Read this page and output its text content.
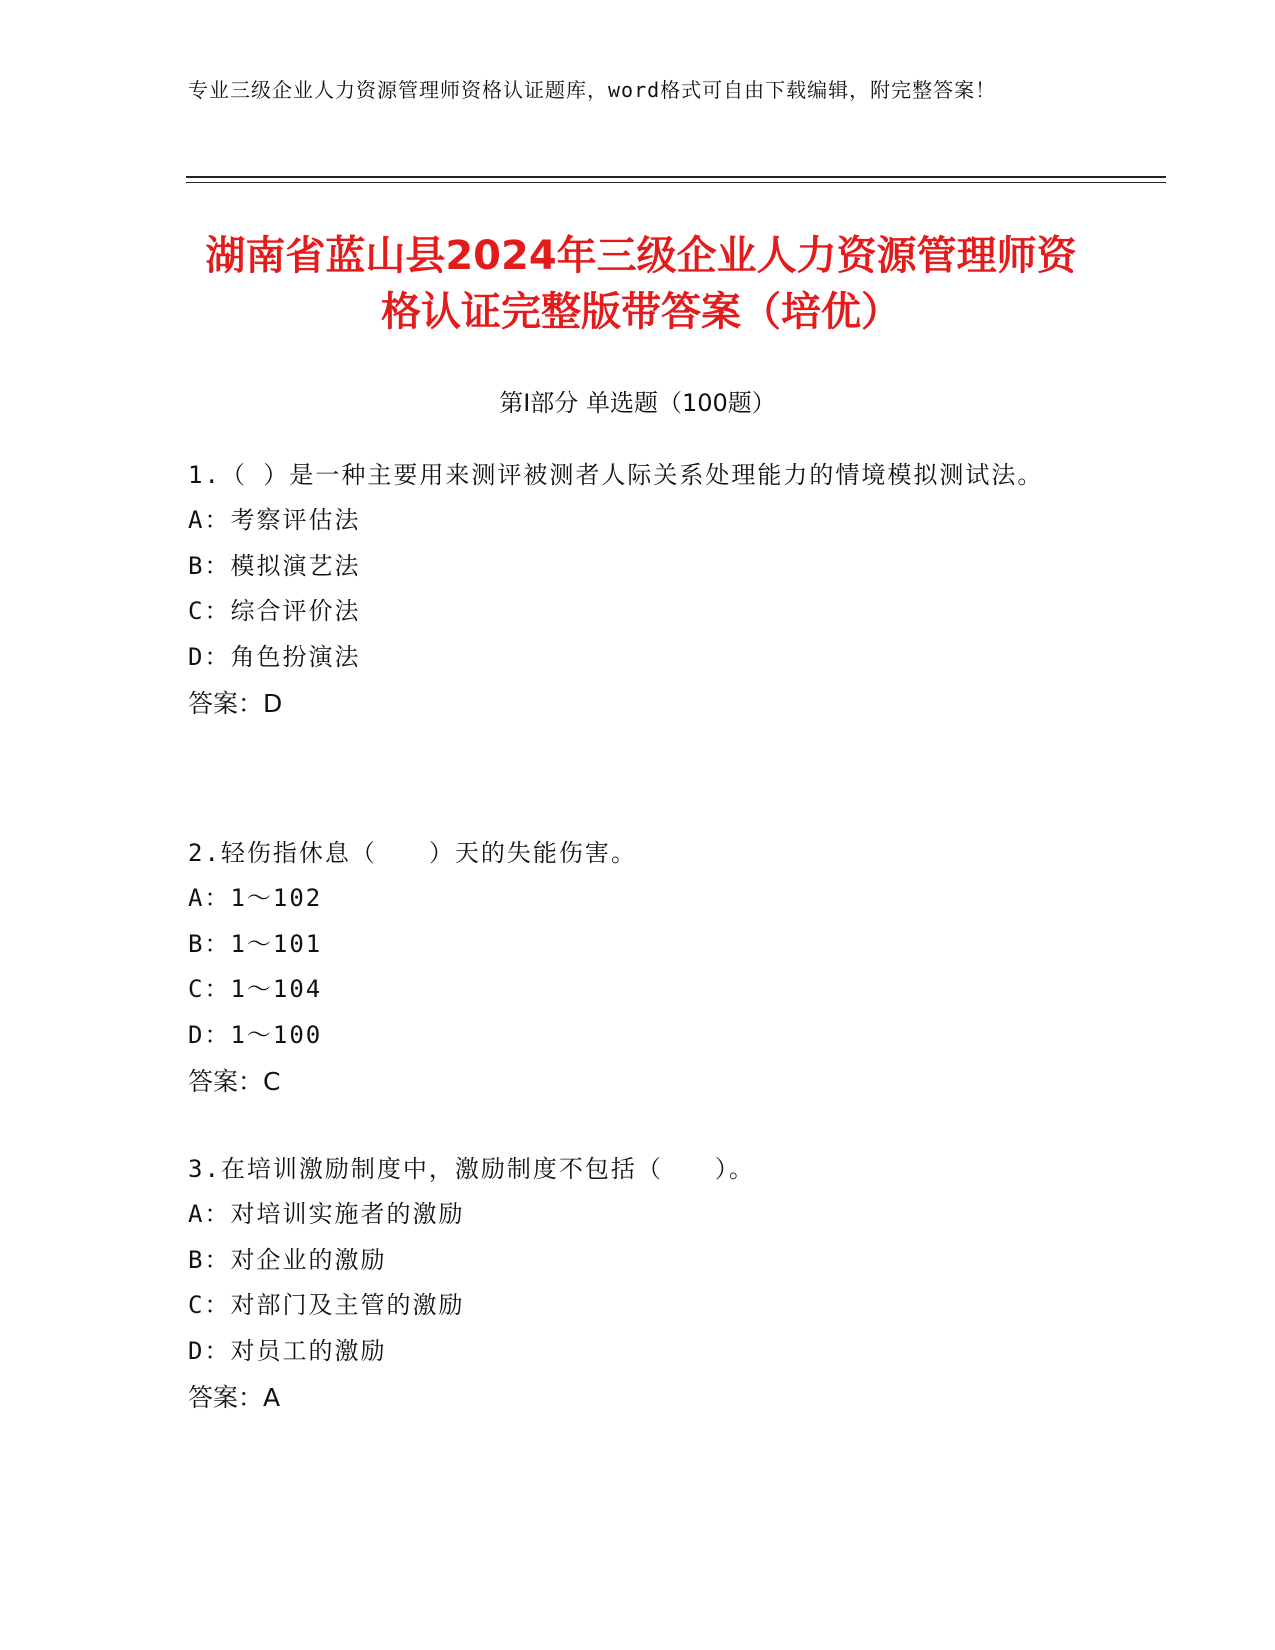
专业三级企业人力资源管理师资格认证题库，word格式可自由下载编辑，附完整答案！
湖南省蓝山县2024年三级企业人力资源管理师资格认证完整版带答案（培优）
第Ⅰ部分 单选题（100题）
1.（ ）是一种主要用来测评被测者人际关系处理能力的情境模拟测试法。
A：考察评估法
B：模拟演艺法
C：综合评价法
D：角色扮演法
答案：D
2.轻伤指休息（　　）天的失能伤害。
A：1～102
B：1～101
C：1～104
D：1～100
答案：C
3.在培训激励制度中，激励制度不包括（　　）。
A：对培训实施者的激励
B：对企业的激励
C：对部门及主管的激励
D：对员工的激励
答案：A
